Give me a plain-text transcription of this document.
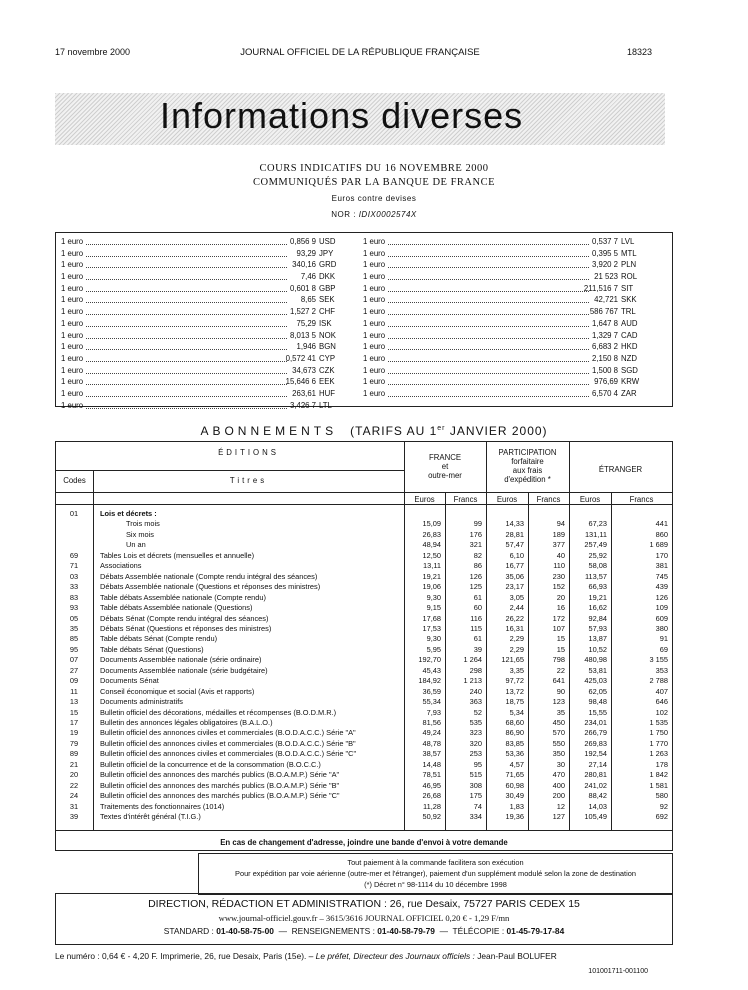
17 novembre 2000	JOURNAL OFFICIEL DE LA RÉPUBLIQUE FRANÇAISE	18323
Informations diverses
COURS INDICATIFS DU 16 NOVEMBRE 2000
COMMUNIQUÉS PAR LA BANQUE DE FRANCE
Euros contre devises
NOR : IDIX0002574X
1 euro	0,856 9 USD
1 euro	93,29 JPY
1 euro	340,16 GRD
1 euro	7,46 DKK
1 euro	0,601 8 GBP
1 euro	8,65 SEK
1 euro	1,527 2 CHF
1 euro	75,29 ISK
1 euro	8,013 5 NOK
1 euro	1,946 BGN
1 euro	0,572 41 CYP
1 euro	34,673 CZK
1 euro	15,646 6 EEK
1 euro	263,61 HUF
1 euro	3,426 7 LTL
1 euro	0,537 7 LVL
1 euro	0,395 5 MTL
1 euro	3,920 2 PLN
1 euro	21 523 ROL
1 euro	211,516 7 SIT
1 euro	42,721 SKK
1 euro	586 767 TRL
1 euro	1,647 8 AUD
1 euro	1,329 7 CAD
1 euro	6,683 2 HKD
1 euro	2,150 8 NZD
1 euro	1,500 8 SGD
1 euro	976,69 KRW
1 euro	6,570 4 ZAR
ABONNEMENTS (TARIFS AU 1er JANVIER 2000)
ÉDITIONS
Codes	Titres
FRANCE
et
outre-mer
PARTICIPATION
forfaitaire
aux frais
d'expédition *
ÉTRANGER
Euros	Francs	Euros	Francs	Euros	Francs
01	Lois et décrets :
Trois mois	15,09	99	14,33	94	67,23	441
Six mois	26,83	176	28,81	189	131,11	860
Un an	48,94	321	57,47	377	257,49	1 689
69	Tables Lois et décrets (mensuelles et annuelle)	12,50	82	6,10	40	25,92	170
71	Associations	13,11	86	16,77	110	58,08	381
03	Débats Assemblée nationale (Compte rendu intégral des séances)	19,21	126	35,06	230	113,57	745
33	Débats Assemblée nationale (Questions et réponses des ministres)	19,06	125	23,17	152	66,93	439
83	Table débats Assemblée nationale (Compte rendu)	9,30	61	3,05	20	19,21	126
93	Table débats Assemblée nationale (Questions)	9,15	60	2,44	16	16,62	109
05	Débats Sénat (Compte rendu intégral des séances)	17,68	116	26,22	172	92,84	609
35	Débats Sénat (Questions et réponses des ministres)	17,53	115	16,31	107	57,93	380
85	Table débats Sénat (Compte rendu)	9,30	61	2,29	15	13,87	91
95	Table débats Sénat (Questions)	5,95	39	2,29	15	10,52	69
07	Documents Assemblée nationale (série ordinaire)	192,70	1 264	121,65	798	480,98	3 155
27	Documents Assemblée nationale (série budgétaire)	45,43	298	3,35	22	53,81	353
09	Documents Sénat	184,92	1 213	97,72	641	425,03	2 788
11	Conseil économique et social (Avis et rapports)	36,59	240	13,72	90	62,05	407
13	Documents administratifs	55,34	363	18,75	123	98,48	646
15	Bulletin officiel des décorations, médailles et récompenses (B.O.D.M.R.)	7,93	52	5,34	35	15,55	102
17	Bulletin des annonces légales obligatoires (B.A.L.O.)	81,56	535	68,60	450	234,01	1 535
19	Bulletin officiel des annonces civiles et commerciales (B.O.D.A.C.C.) Série "A"	49,24	323	86,90	570	266,79	1 750
79	Bulletin officiel des annonces civiles et commerciales (B.O.D.A.C.C.) Série "B"	48,78	320	83,85	550	269,83	1 770
89	Bulletin officiel des annonces civiles et commerciales (B.O.D.A.C.C.) Série "C"	38,57	253	53,36	350	192,54	1 263
21	Bulletin officiel de la concurrence et de la consommation (B.O.C.C.)	14,48	95	4,57	30	27,14	178
20	Bulletin officiel des annonces des marchés publics (B.O.A.M.P.) Série "A"	78,51	515	71,65	470	280,81	1 842
22	Bulletin officiel des annonces des marchés publics (B.O.A.M.P.) Série "B"	46,95	308	60,98	400	241,02	1 581
24	Bulletin officiel des annonces des marchés publics (B.O.A.M.P.) Série "C"	26,68	175	30,49	200	88,42	580
31	Traitements des fonctionnaires (1014)	11,28	74	1,83	12	14,03	92
39	Textes d'intérêt général (T.I.G.)	50,92	334	19,36	127	105,49	692
En cas de changement d'adresse, joindre une bande d'envoi à votre demande
Tout paiement à la commande facilitera son exécution
Pour expédition par voie aérienne (outre-mer et l'étranger), paiement d'un supplément modulé selon la zone de destination
(*) Décret n° 98-1114 du 10 décembre 1998
DIRECTION, RÉDACTION ET ADMINISTRATION : 26, rue Desaix, 75727 PARIS CEDEX 15
www.journal-officiel.gouv.fr – 3615/3616 JOURNAL OFFICIEL 0,20 € - 1,29 F/mn
STANDARD : 01-40-58-75-00  —  RENSEIGNEMENTS : 01-40-58-79-79  —  TÉLÉCOPIE : 01-45-79-17-84
Le numéro : 0,64 € - 4,20 F. Imprimerie, 26, rue Desaix, Paris (15e). – Le préfet, Directeur des Journaux officiels : Jean-Paul BOLUFER
101001711-001100
